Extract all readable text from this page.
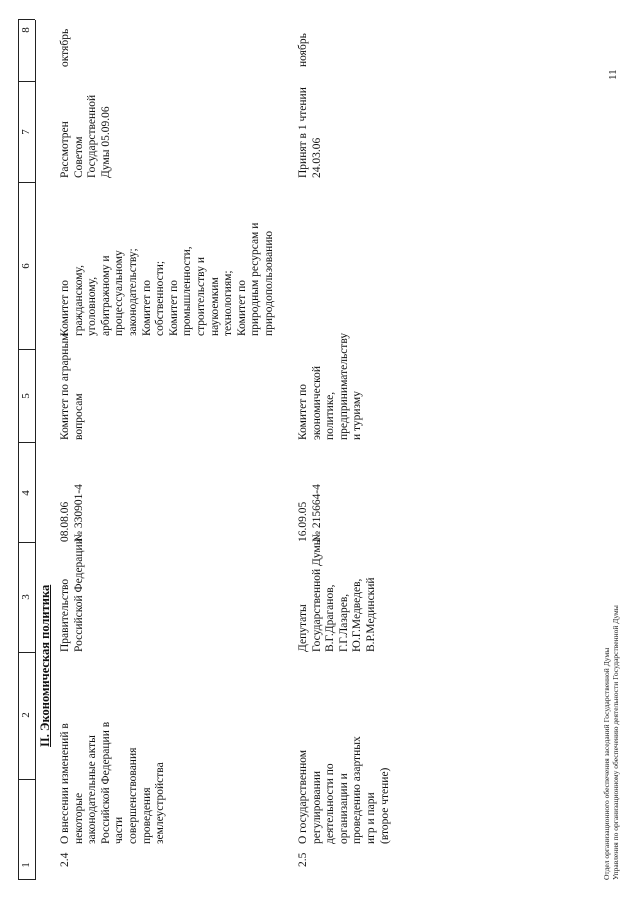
1
2
3
4
5
6
7
8
II. Экономическая политика
2.4
О внесении изменений в
некоторые
законодательные акты
Российской Федерации в
части
совершенствования
проведения
землеустройства
Правительство
Российской Федерации
08.08.06
№ 330901-4
Комитет по аграрным
вопросам
Комитет по
гражданскому,
уголовному,
арбитражному и
процессуальному
законодательству;
Комитет по
собственности;
Комитет по
промышленности,
строительству и
наукоемким
технологиям;
Комитет по
природным ресурсам и
природопользованию
Рассмотрен
Советом
Государственной
Думы 05.09.06
октябрь
2.5
О государственном
регулировании
деятельности по
организации и
проведению азартных
игр и пари
(второе чтение)
Депутаты
Государственной Думы
В.Г.Драганов,
Г.Г.Лазарев,
Ю.Г.Медведев,
В.Р.Мединский
16.09.05
№ 215664-4
Комитет по
экономической
политике,
предпринимательству
и туризму
Принят в 1 чтении
24.03.06
ноябрь
Отдел организационного обеспечения заседаний Государственной Думы
Управления по организационному обеспечению деятельности Государственной Думы
11
